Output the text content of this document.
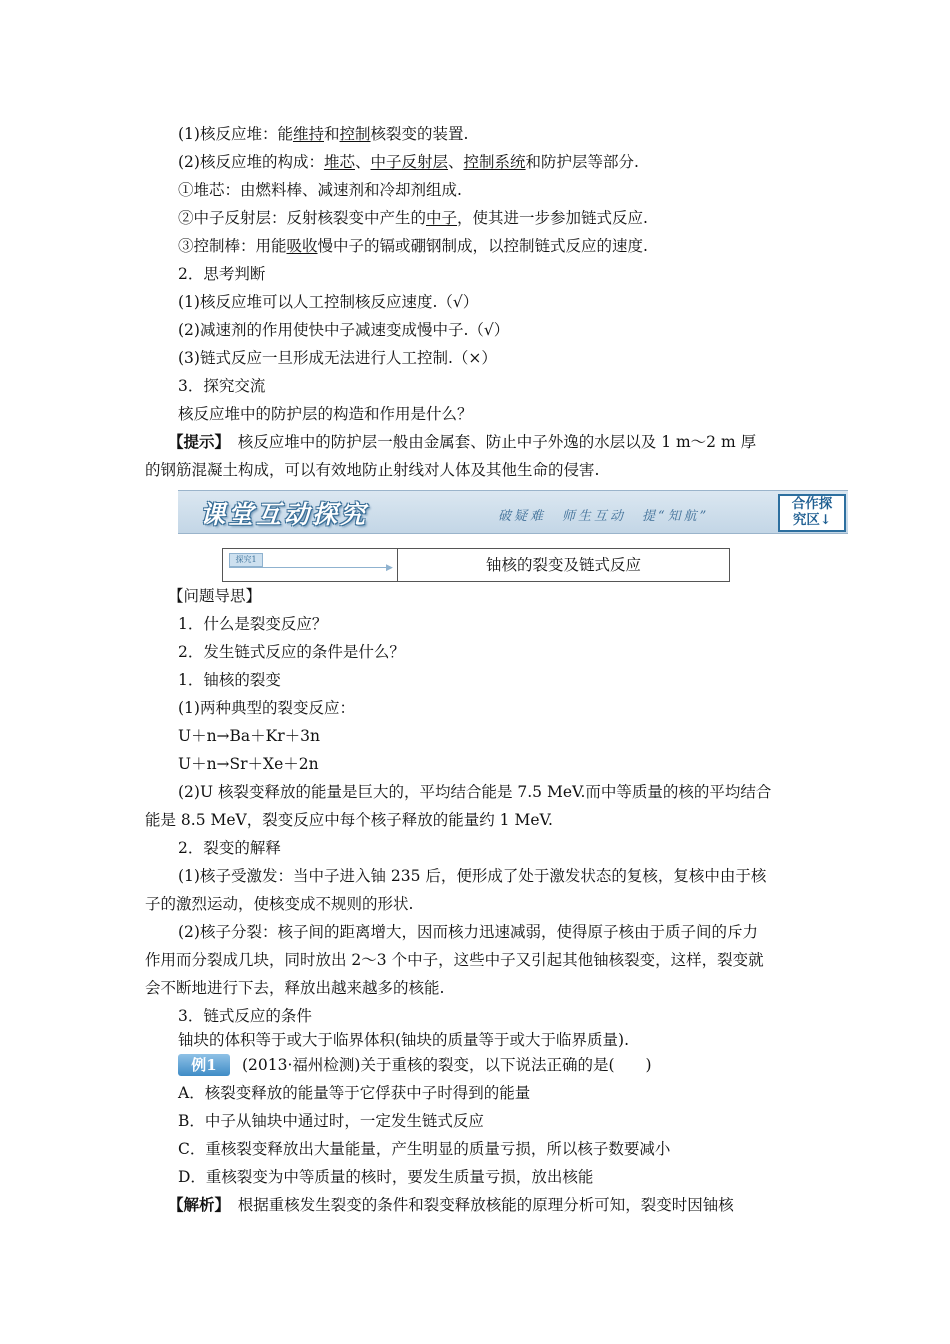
(1)核反应堆：能维持和控制核裂变的装置.
(2)核反应堆的构成：堆芯、中子反射层、控制系统和防护层等部分.
①堆芯：由燃料棒、减速剂和冷却剂组成.
②中子反射层：反射核裂变中产生的中子，使其进一步参加链式反应.
③控制棒：用能吸收慢中子的镉或硼钢制成，以控制链式反应的速度.
2．思考判断
(1)核反应堆可以人工控制核反应速度.（√）
(2)减速剂的作用使快中子减速变成慢中子.（√）
(3)链式反应一旦形成无法进行人工控制.（×）
3．探究交流
核反应堆中的防护层的构造和作用是什么？
【提示】　核反应堆中的防护层一般由金属套、防止中子外逸的水层以及 1 m～2 m 厚
的钢筋混凝土构成，可以有效地防止射线对人体及其他生命的侵害.
课堂互动探究	破疑难　师生互动　提“知航”
合作探
究区↓
探究1
▶	铀核的裂变及链式反应
【问题导思】
1．什么是裂变反应？
2．发生链式反应的条件是什么？
1．铀核的裂变
(1)两种典型的裂变反应：
U＋n→Ba＋Kr＋3n
U＋n→Sr＋Xe＋2n
(2)U 核裂变释放的能量是巨大的，平均结合能是 7.5 MeV.而中等质量的核的平均结合
能是 8.5 MeV，裂变反应中每个核子释放的能量约 1 MeV.
2．裂变的解释
(1)核子受激发：当中子进入铀 235 后，便形成了处于激发状态的复核，复核中由于核
子的激烈运动，使核变成不规则的形状.
(2)核子分裂：核子间的距离增大，因而核力迅速减弱，使得原子核由于质子间的斥力
作用而分裂成几块，同时放出 2～3 个中子，这些中子又引起其他铀核裂变，这样，裂变就
会不断地进行下去，释放出越来越多的核能.
3．链式反应的条件
铀块的体积等于或大于临界体积(铀块的质量等于或大于临界质量).
例1	(2013·福州检测)关于重核的裂变，以下说法正确的是(　　)
A．核裂变释放的能量等于它俘获中子时得到的能量
B．中子从铀块中通过时，一定发生链式反应
C．重核裂变释放出大量能量，产生明显的质量亏损，所以核子数要减小
D．重核裂变为中等质量的核时，要发生质量亏损，放出核能
【解析】　根据重核发生裂变的条件和裂变释放核能的原理分析可知，裂变时因铀核
